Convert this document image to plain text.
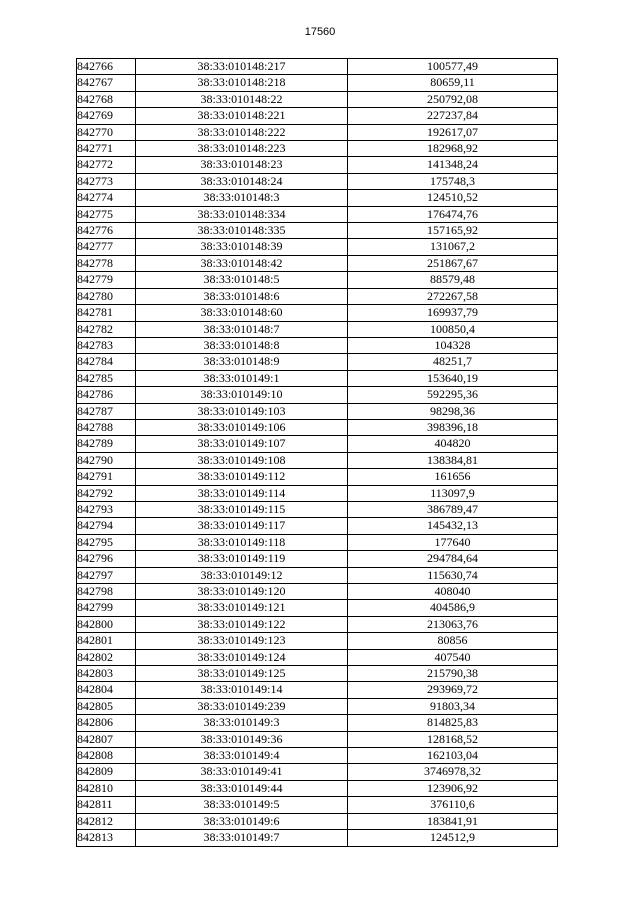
17560
842766	38:33:010148:217	100577,49
842767	38:33:010148:218	80659,11
842768	38:33:010148:22	250792,08
842769	38:33:010148:221	227237,84
842770	38:33:010148:222	192617,07
842771	38:33:010148:223	182968,92
842772	38:33:010148:23	141348,24
842773	38:33:010148:24	175748,3
842774	38:33:010148:3	124510,52
842775	38:33:010148:334	176474,76
842776	38:33:010148:335	157165,92
842777	38:33:010148:39	131067,2
842778	38:33:010148:42	251867,67
842779	38:33:010148:5	88579,48
842780	38:33:010148:6	272267,58
842781	38:33:010148:60	169937,79
842782	38:33:010148:7	100850,4
842783	38:33:010148:8	104328
842784	38:33:010148:9	48251,7
842785	38:33:010149:1	153640,19
842786	38:33:010149:10	592295,36
842787	38:33:010149:103	98298,36
842788	38:33:010149:106	398396,18
842789	38:33:010149:107	404820
842790	38:33:010149:108	138384,81
842791	38:33:010149:112	161656
842792	38:33:010149:114	113097,9
842793	38:33:010149:115	386789,47
842794	38:33:010149:117	145432,13
842795	38:33:010149:118	177640
842796	38:33:010149:119	294784,64
842797	38:33:010149:12	115630,74
842798	38:33:010149:120	408040
842799	38:33:010149:121	404586,9
842800	38:33:010149:122	213063,76
842801	38:33:010149:123	80856
842802	38:33:010149:124	407540
842803	38:33:010149:125	215790,38
842804	38:33:010149:14	293969,72
842805	38:33:010149:239	91803,34
842806	38:33:010149:3	814825,83
842807	38:33:010149:36	128168,52
842808	38:33:010149:4	162103,04
842809	38:33:010149:41	3746978,32
842810	38:33:010149:44	123906,92
842811	38:33:010149:5	376110,6
842812	38:33:010149:6	183841,91
842813	38:33:010149:7	124512,9
